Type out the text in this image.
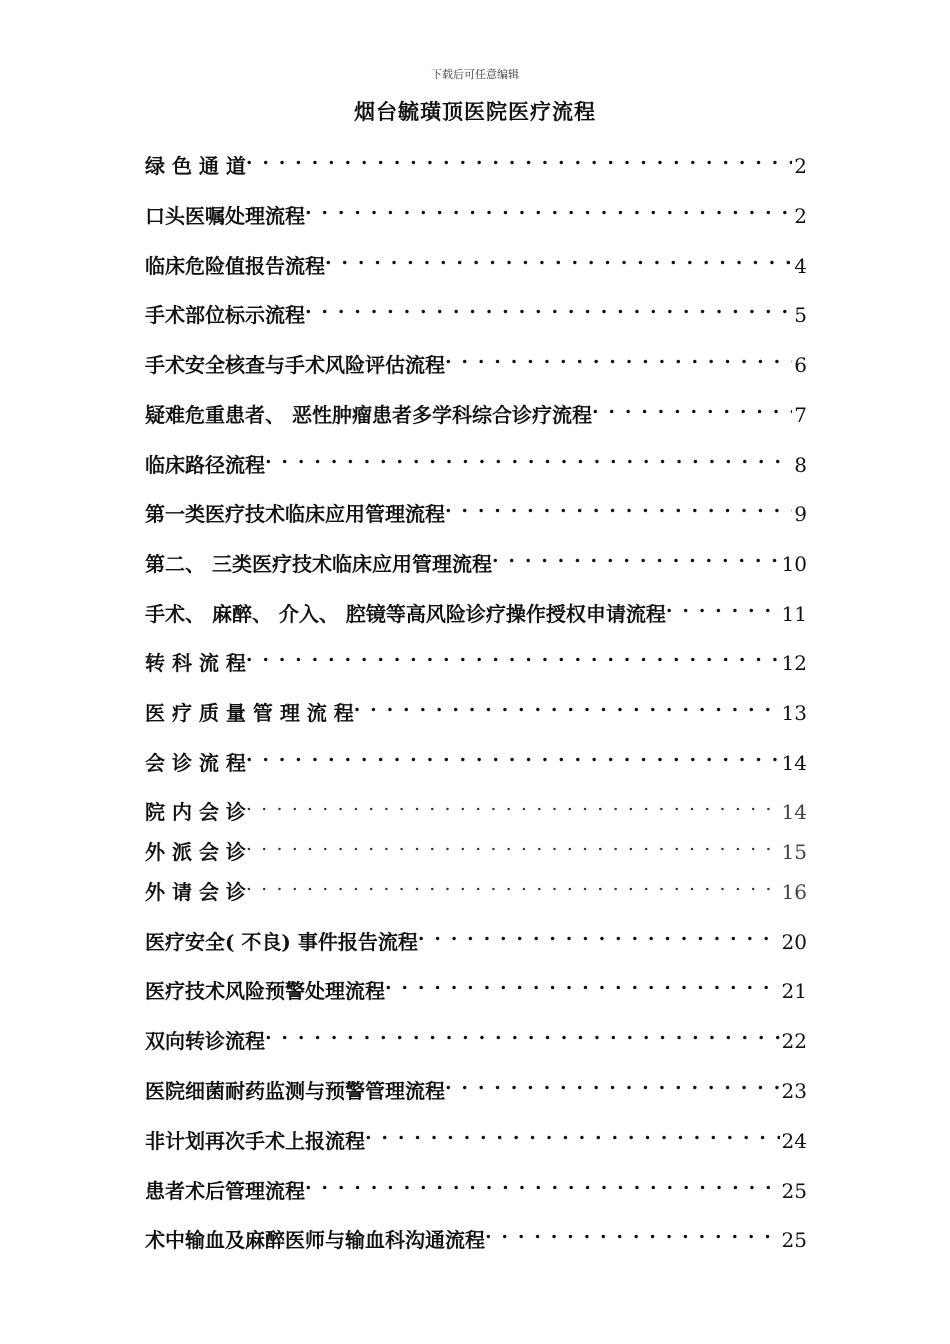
下载后可任意编辑
烟台毓璜顶医院医疗流程
绿 色 通 道 . . .	2
口头医嘱处理流程 . . .	2
临床危险值报告流程 . . .	4
手术部位标示流程 . . .	5
手术安全核查与手术风险评估流程 . . .	6
疑难危重患者、 恶性肿瘤患者多学科综合诊疗流程 . . .	7
临床路径流程 . . .	8
第一类医疗技术临床应用管理流程 . . .	9
第二、 三类医疗技术临床应用管理流程 . . .	10
手术、 麻醉、 介入、 腔镜等高风险诊疗操作授权申请流程 . . .	11
转 科 流 程 . . .	12
医 疗 质 量 管 理 流 程 . . .	13
会 诊 流 程 . . .	14
院 内 会 诊 . . .	14
外 派 会 诊 . . .	15
外 请 会 诊 . . .	16
医疗安全( 不良) 事件报告流程 . . .	20
医疗技术风险预警处理流程 . . .	21
双向转诊流程 . . .	22
医院细菌耐药监测与预警管理流程 . . .	23
非计划再次手术上报流程 . . .	24
患者术后管理流程 . . .	25
术中输血及麻醉医师与输血科沟通流程 . . .	25
